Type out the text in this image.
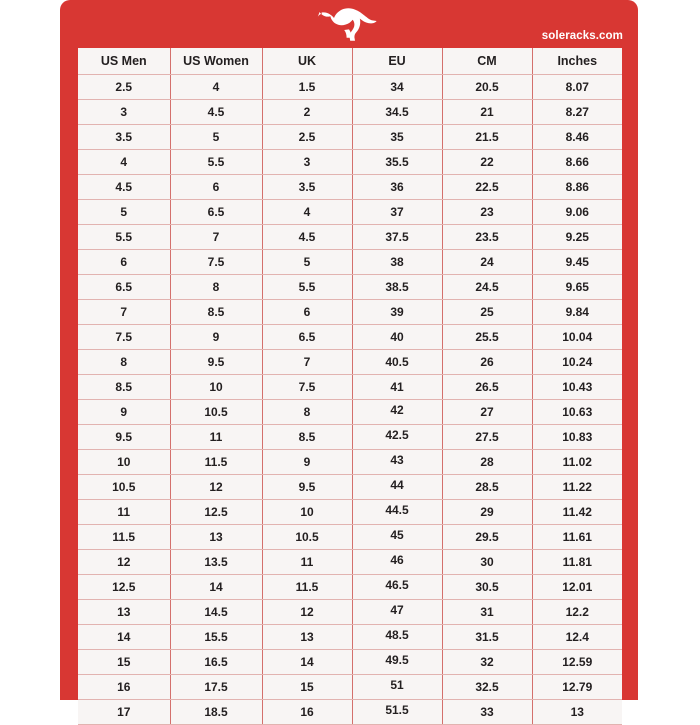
soleracks.com
US Men	US Women	UK	EU	CM	Inches
2.5	4	1.5	34	20.5	8.07
3	4.5	2	34.5	21	8.27
3.5	5	2.5	35	21.5	8.46
4	5.5	3	35.5	22	8.66
4.5	6	3.5	36	22.5	8.86
5	6.5	4	37	23	9.06
5.5	7	4.5	37.5	23.5	9.25
6	7.5	5	38	24	9.45
6.5	8	5.5	38.5	24.5	9.65
7	8.5	6	39	25	9.84
7.5	9	6.5	40	25.5	10.04
8	9.5	7	40.5	26	10.24
8.5	10	7.5	41	26.5	10.43
9	10.5	8	42	27	10.63
9.5	11	8.5	42.5	27.5	10.83
10	11.5	9	43	28	11.02
10.5	12	9.5	44	28.5	11.22
11	12.5	10	44.5	29	11.42
11.5	13	10.5	45	29.5	11.61
12	13.5	11	46	30	11.81
12.5	14	11.5	46.5	30.5	12.01
13	14.5	12	47	31	12.2
14	15.5	13	48.5	31.5	12.4
15	16.5	14	49.5	32	12.59
16	17.5	15	51	32.5	12.79
17	18.5	16	51.5	33	13
